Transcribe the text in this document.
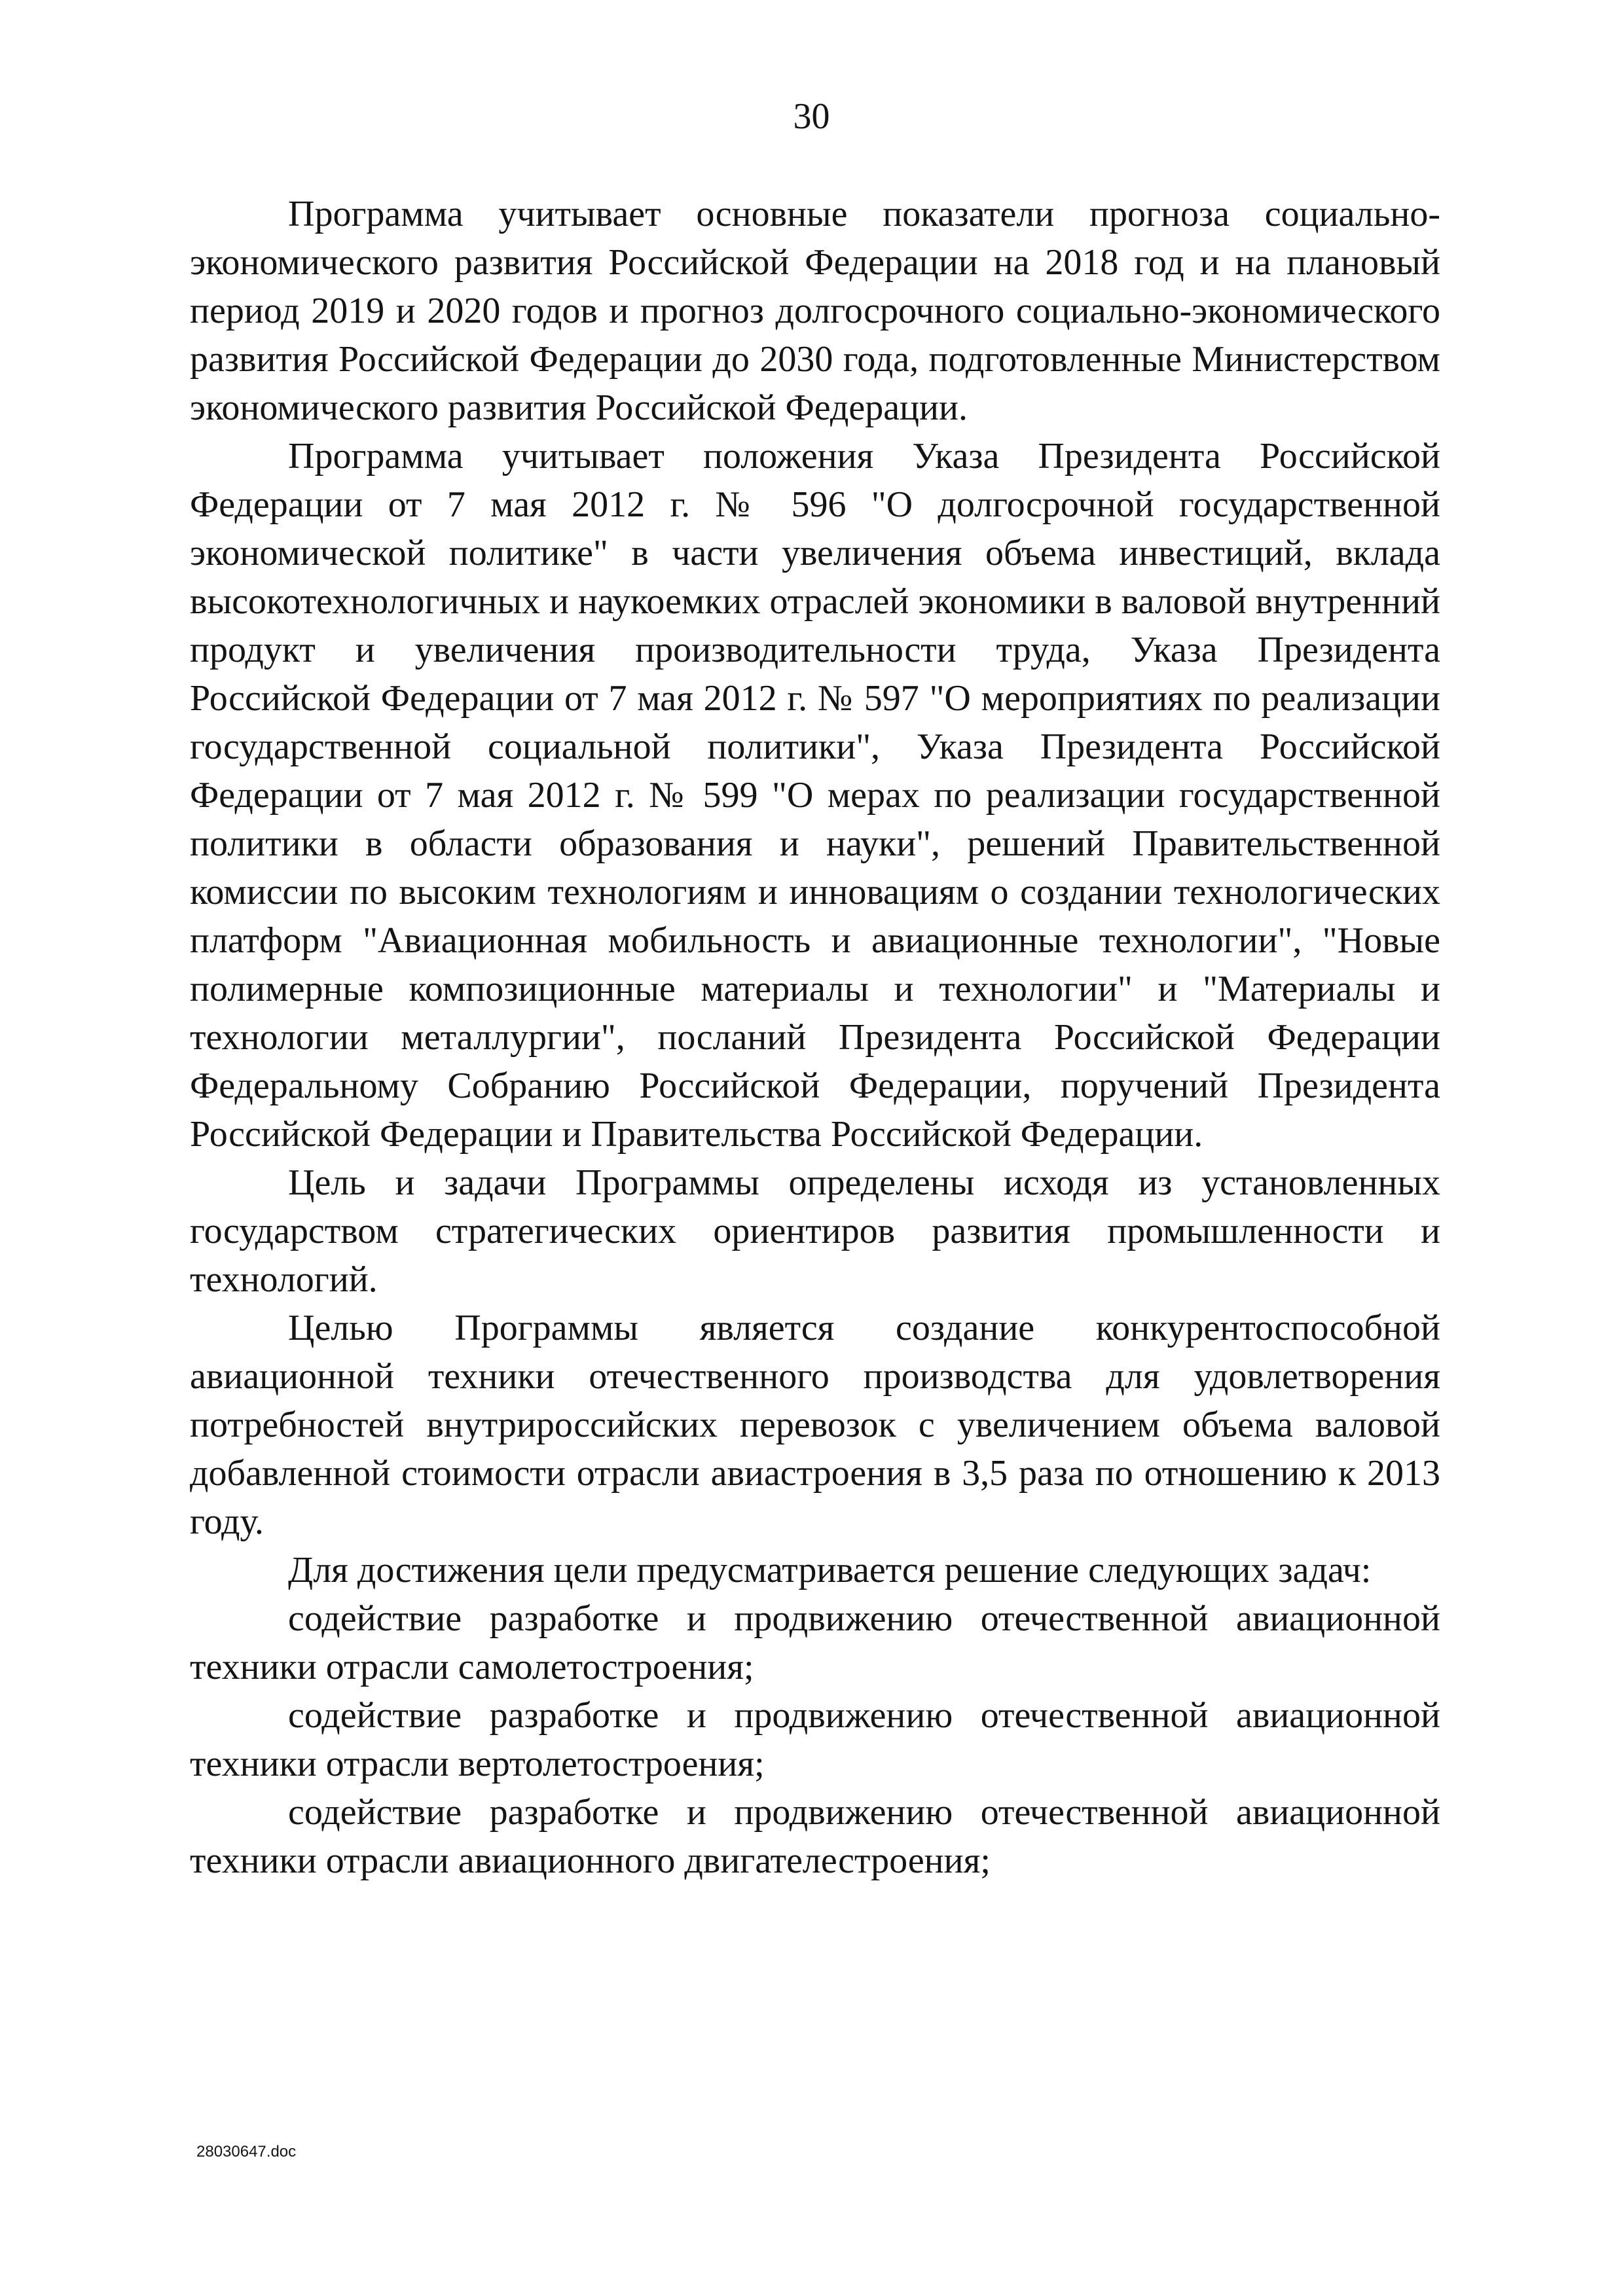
30

Программа учитывает основные показатели прогноза социально-экономического развития Российской Федерации на 2018 год и на плановый период 2019 и 2020 годов и прогноз долгосрочного социально-экономического развития Российской Федерации до 2030 года, подготовленные Министерством экономического развития Российской Федерации.

Программа учитывает положения Указа Президента Российской Федерации от 7 мая 2012 г. № 596 "О долгосрочной государственной экономической политике" в части увеличения объема инвестиций, вклада высокотехнологичных и наукоемких отраслей экономики в валовой внутренний продукт и увеличения производительности труда, Указа Президента Российской Федерации от 7 мая 2012 г. № 597 "О мероприятиях по реализации государственной социальной политики", Указа Президента Российской Федерации от 7 мая 2012 г. № 599 "О мерах по реализации государственной политики в области образования и науки", решений Правительственной комиссии по высоким технологиям и инновациям о создании технологических платформ "Авиационная мобильность и авиационные технологии", "Новые полимерные композиционные материалы и технологии" и "Материалы и технологии металлургии", посланий Президента Российской Федерации Федеральному Собранию Российской Федерации, поручений Президента Российской Федерации и Правительства Российской Федерации.

Цель и задачи Программы определены исходя из установленных государством стратегических ориентиров развития промышленности и технологий.

Целью Программы является создание конкурентоспособной авиационной техники отечественного производства для удовлетворения потребностей внутрироссийских перевозок с увеличением объема валовой добавленной стоимости отрасли авиастроения в 3,5 раза по отношению к 2013 году.

Для достижения цели предусматривается решение следующих задач:

содействие разработке и продвижению отечественной авиационной техники отрасли самолетостроения;

содействие разработке и продвижению отечественной авиационной техники отрасли вертолетостроения;

содействие разработке и продвижению отечественной авиационной техники отрасли авиационного двигателестроения;

28030647.doc
